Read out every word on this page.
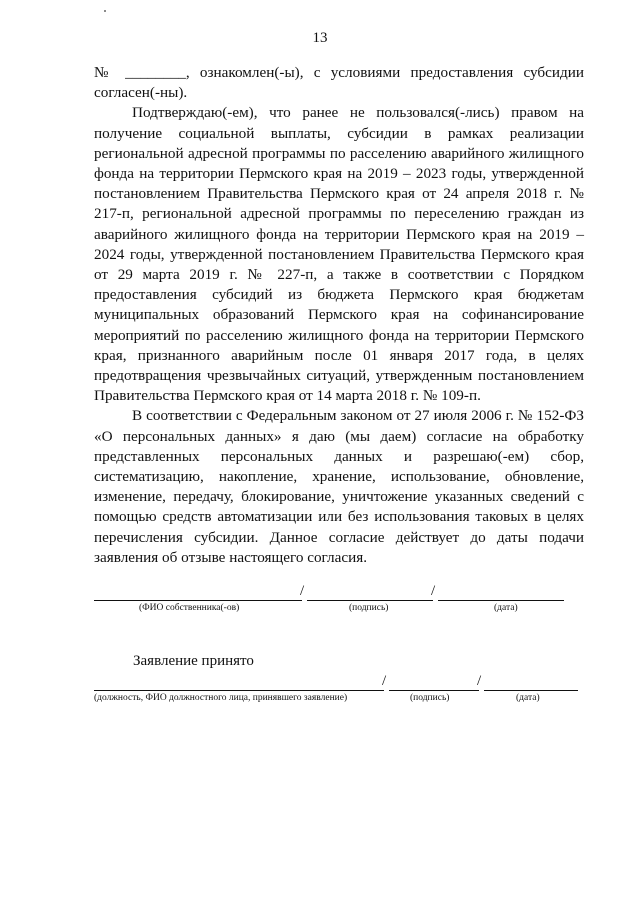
13

№ ________, ознакомлен(-ы), с условиями предоставления субсидии согласен(-ны).

Подтверждаю(-ем), что ранее не пользовался(-лись) правом на получение социальной выплаты, субсидии в рамках реализации региональной адресной программы по расселению аварийного жилищного фонда на территории Пермского края на 2019 – 2023 годы, утвержденной постановлением Правительства Пермского края от 24 апреля 2018 г. № 217-п, региональной адресной программы по переселению граждан из аварийного жилищного фонда на территории Пермского края на 2019 – 2024 годы, утвержденной постановлением Правительства Пермского края от 29 марта 2019 г. № 227-п, а также в соответствии с Порядком предоставления субсидий из бюджета Пермского края бюджетам муниципальных образований Пермского края на софинансирование мероприятий по расселению жилищного фонда на территории Пермского края, признанного аварийным после 01 января 2017 года, в целях предотвращения чрезвычайных ситуаций, утвержденным постановлением Правительства Пермского края от 14 марта 2018 г. № 109-п.

В соответствии с Федеральным законом от 27 июля 2006 г. № 152-ФЗ «О персональных данных» я даю (мы даем) согласие на обработку представленных персональных данных и разрешаю(-ем) сбор, систематизацию, накопление, хранение, использование, обновление, изменение, передачу, блокирование, уничтожение указанных сведений с помощью средств автоматизации или без использования таковых в целях перечисления субсидии. Данное согласие действует до даты подачи заявления об отзыве настоящего согласия.

/	/
(ФИО собственника(-ов)	(подпись)	(дата)
Заявление принято
/	/
(должность, ФИО должностного лица, принявшего заявление)	(подпись)	(дата)
